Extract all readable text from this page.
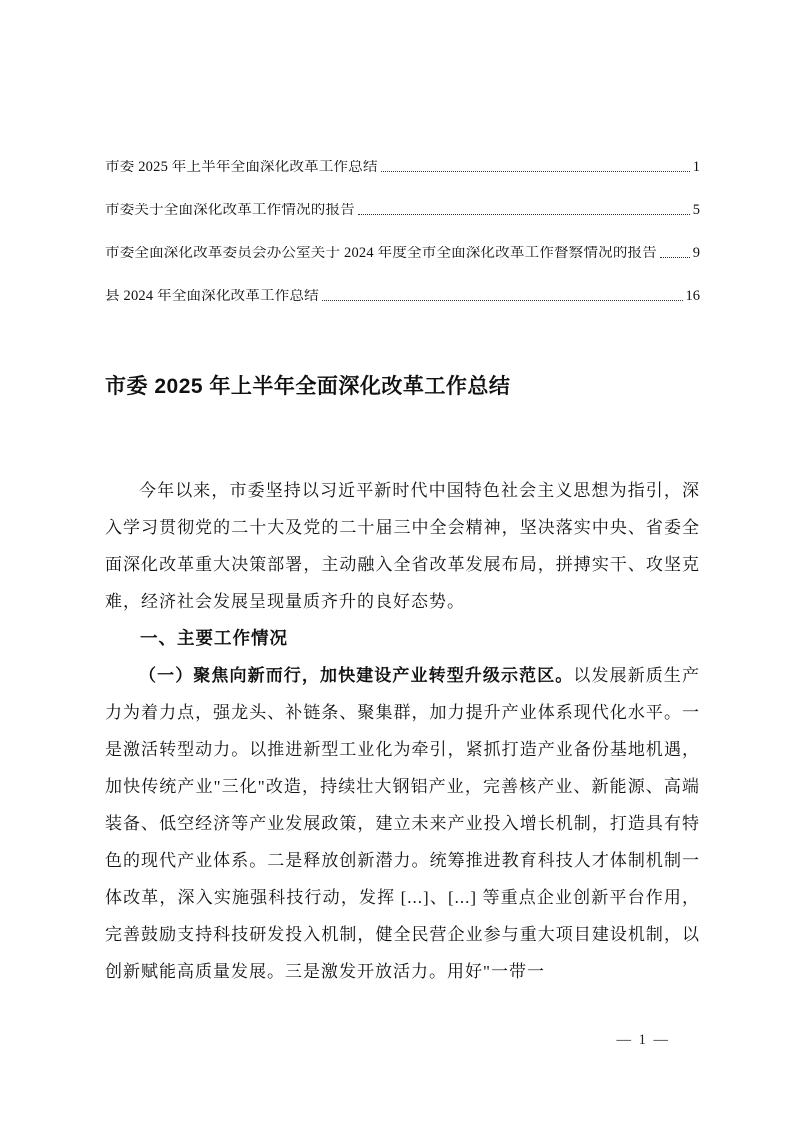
市委 2025 年上半年全面深化改革工作总结	1
市委关于全面深化改革工作情况的报告	5
市委全面深化改革委员会办公室关于 2024 年度全市全面深化改革工作督察情况的报告 9
县 2024 年全面深化改革工作总结	16
市委 2025 年上半年全面深化改革工作总结

今年以来，市委坚持以习近平新时代中国特色社会主义思想为指引，深入学习贯彻党的二十大及党的二十届三中全会精神，坚决落实中央、省委全面深化改革重大决策部署，主动融入全省改革发展布局，拼搏实干、攻坚克难，经济社会发展呈现量质齐升的良好态势。

一、主要工作情况

（一）聚焦向新而行，加快建设产业转型升级示范区。以发展新质生产力为着力点，强龙头、补链条、聚集群，加力提升产业体系现代化水平。一是激活转型动力。以推进新型工业化为牵引，紧抓打造产业备份基地机遇，加快传统产业"三化"改造，持续壮大钢铝产业，完善核产业、新能源、高端装备、低空经济等产业发展政策，建立未来产业投入增长机制，打造具有特色的现代产业体系。二是释放创新潜力。统筹推进教育科技人才体制机制一体改革，深入实施强科技行动，发挥 [...]、[...] 等重点企业创新平台作用，完善鼓励支持科技研发投入机制，健全民营企业参与重大项目建设机制，以创新赋能高质量发展。三是激发开放活力。用好"一带一

— 1 —
